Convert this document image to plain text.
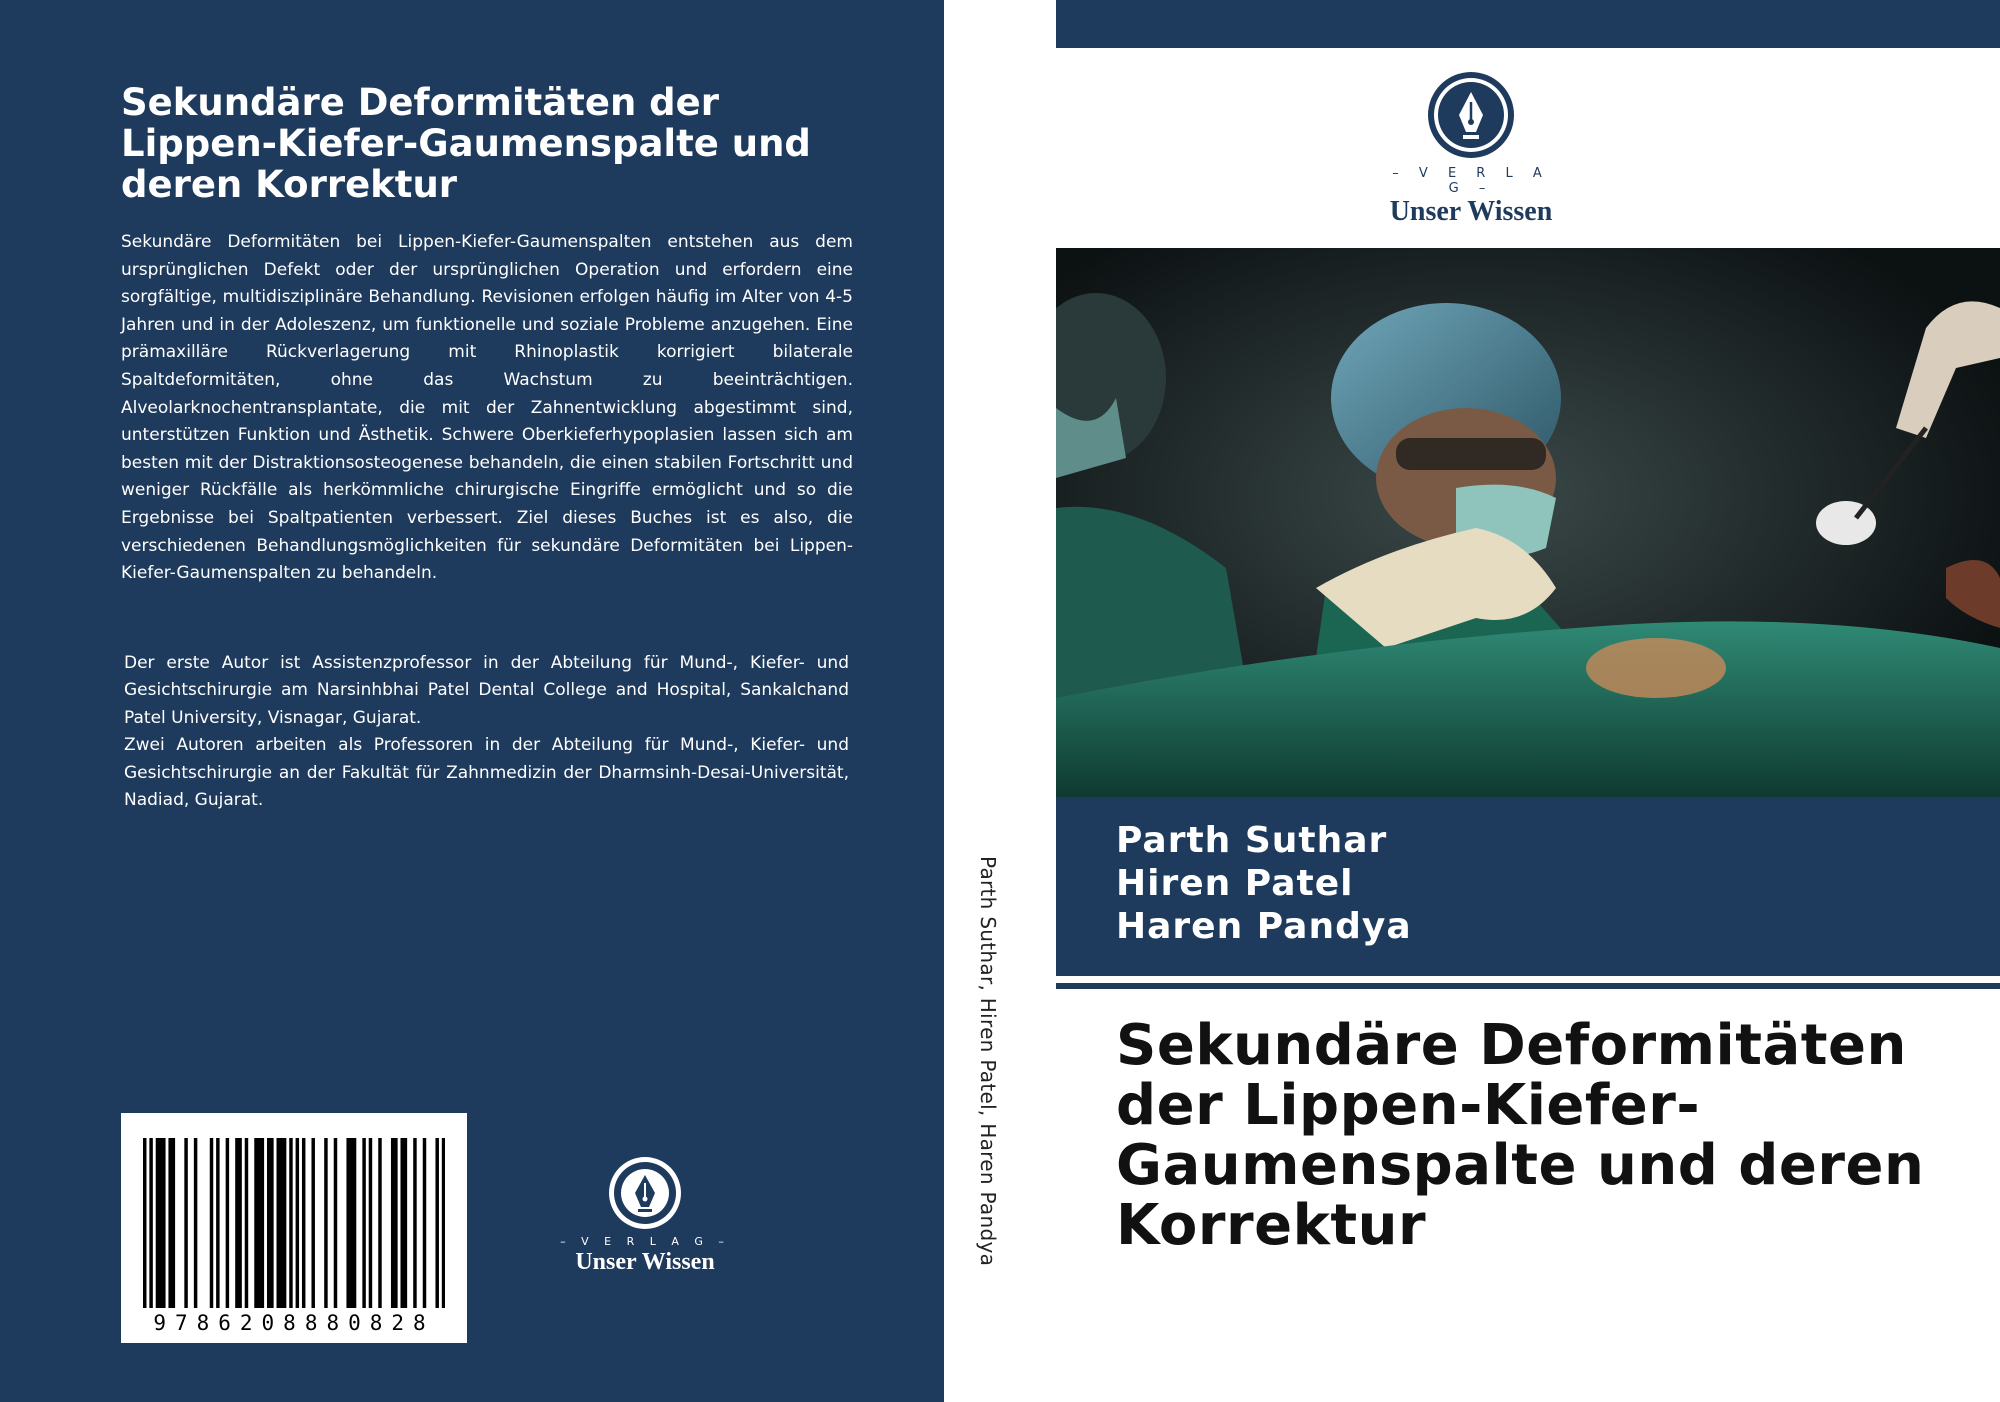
Sekundäre Deformitäten der Lippen-Kiefer-Gaumenspalte und deren Korrektur

Sekundäre Deformitäten bei Lippen-Kiefer-Gaumenspalten entstehen aus dem ursprünglichen Defekt oder der ursprünglichen Operation und erfordern eine sorgfältige, multidisziplinäre Behandlung. Revisionen erfolgen häufig im Alter von 4-5 Jahren und in der Adoleszenz, um funktionelle und soziale Probleme anzugehen. Eine prämaxilläre Rückverlagerung mit Rhinoplastik korrigiert bilaterale Spaltdeformitäten, ohne das Wachstum zu beeinträchtigen. Alveolarknochentransplantate, die mit der Zahnentwicklung abgestimmt sind, unterstützen Funktion und Ästhetik. Schwere Oberkieferhypoplasien lassen sich am besten mit der Distraktionsosteogenese behandeln, die einen stabilen Fortschritt und weniger Rückfälle als herkömmliche chirurgische Eingriffe ermöglicht und so die Ergebnisse bei Spaltpatienten verbessert. Ziel dieses Buches ist es also, die verschiedenen Behandlungsmöglichkeiten für sekundäre Deformitäten bei Lippen-Kiefer-Gaumenspalten zu behandeln.

Der erste Autor ist Assistenzprofessor in der Abteilung für Mund-, Kiefer- und Gesichtschirurgie am Narsinhbhai Patel Dental College and Hospital, Sankalchand Patel University, Visnagar, Gujarat.

Zwei Autoren arbeiten als Professoren in der Abteilung für Mund-, Kiefer- und Gesichtschirurgie an der Fakultät für Zahnmedizin der Dharmsinh-Desai-Universität, Nadiad, Gujarat.

9786208880828
– V E R L A G –
Unser Wissen	Parth Suthar, Hiren Patel, Haren Pandya
– V E R L A G –
Unser Wissen
Parth Suthar
Hiren Patel
Haren Pandya
Sekundäre Deformitäten der Lippen-Kiefer-Gaumenspalte und deren Korrektur
